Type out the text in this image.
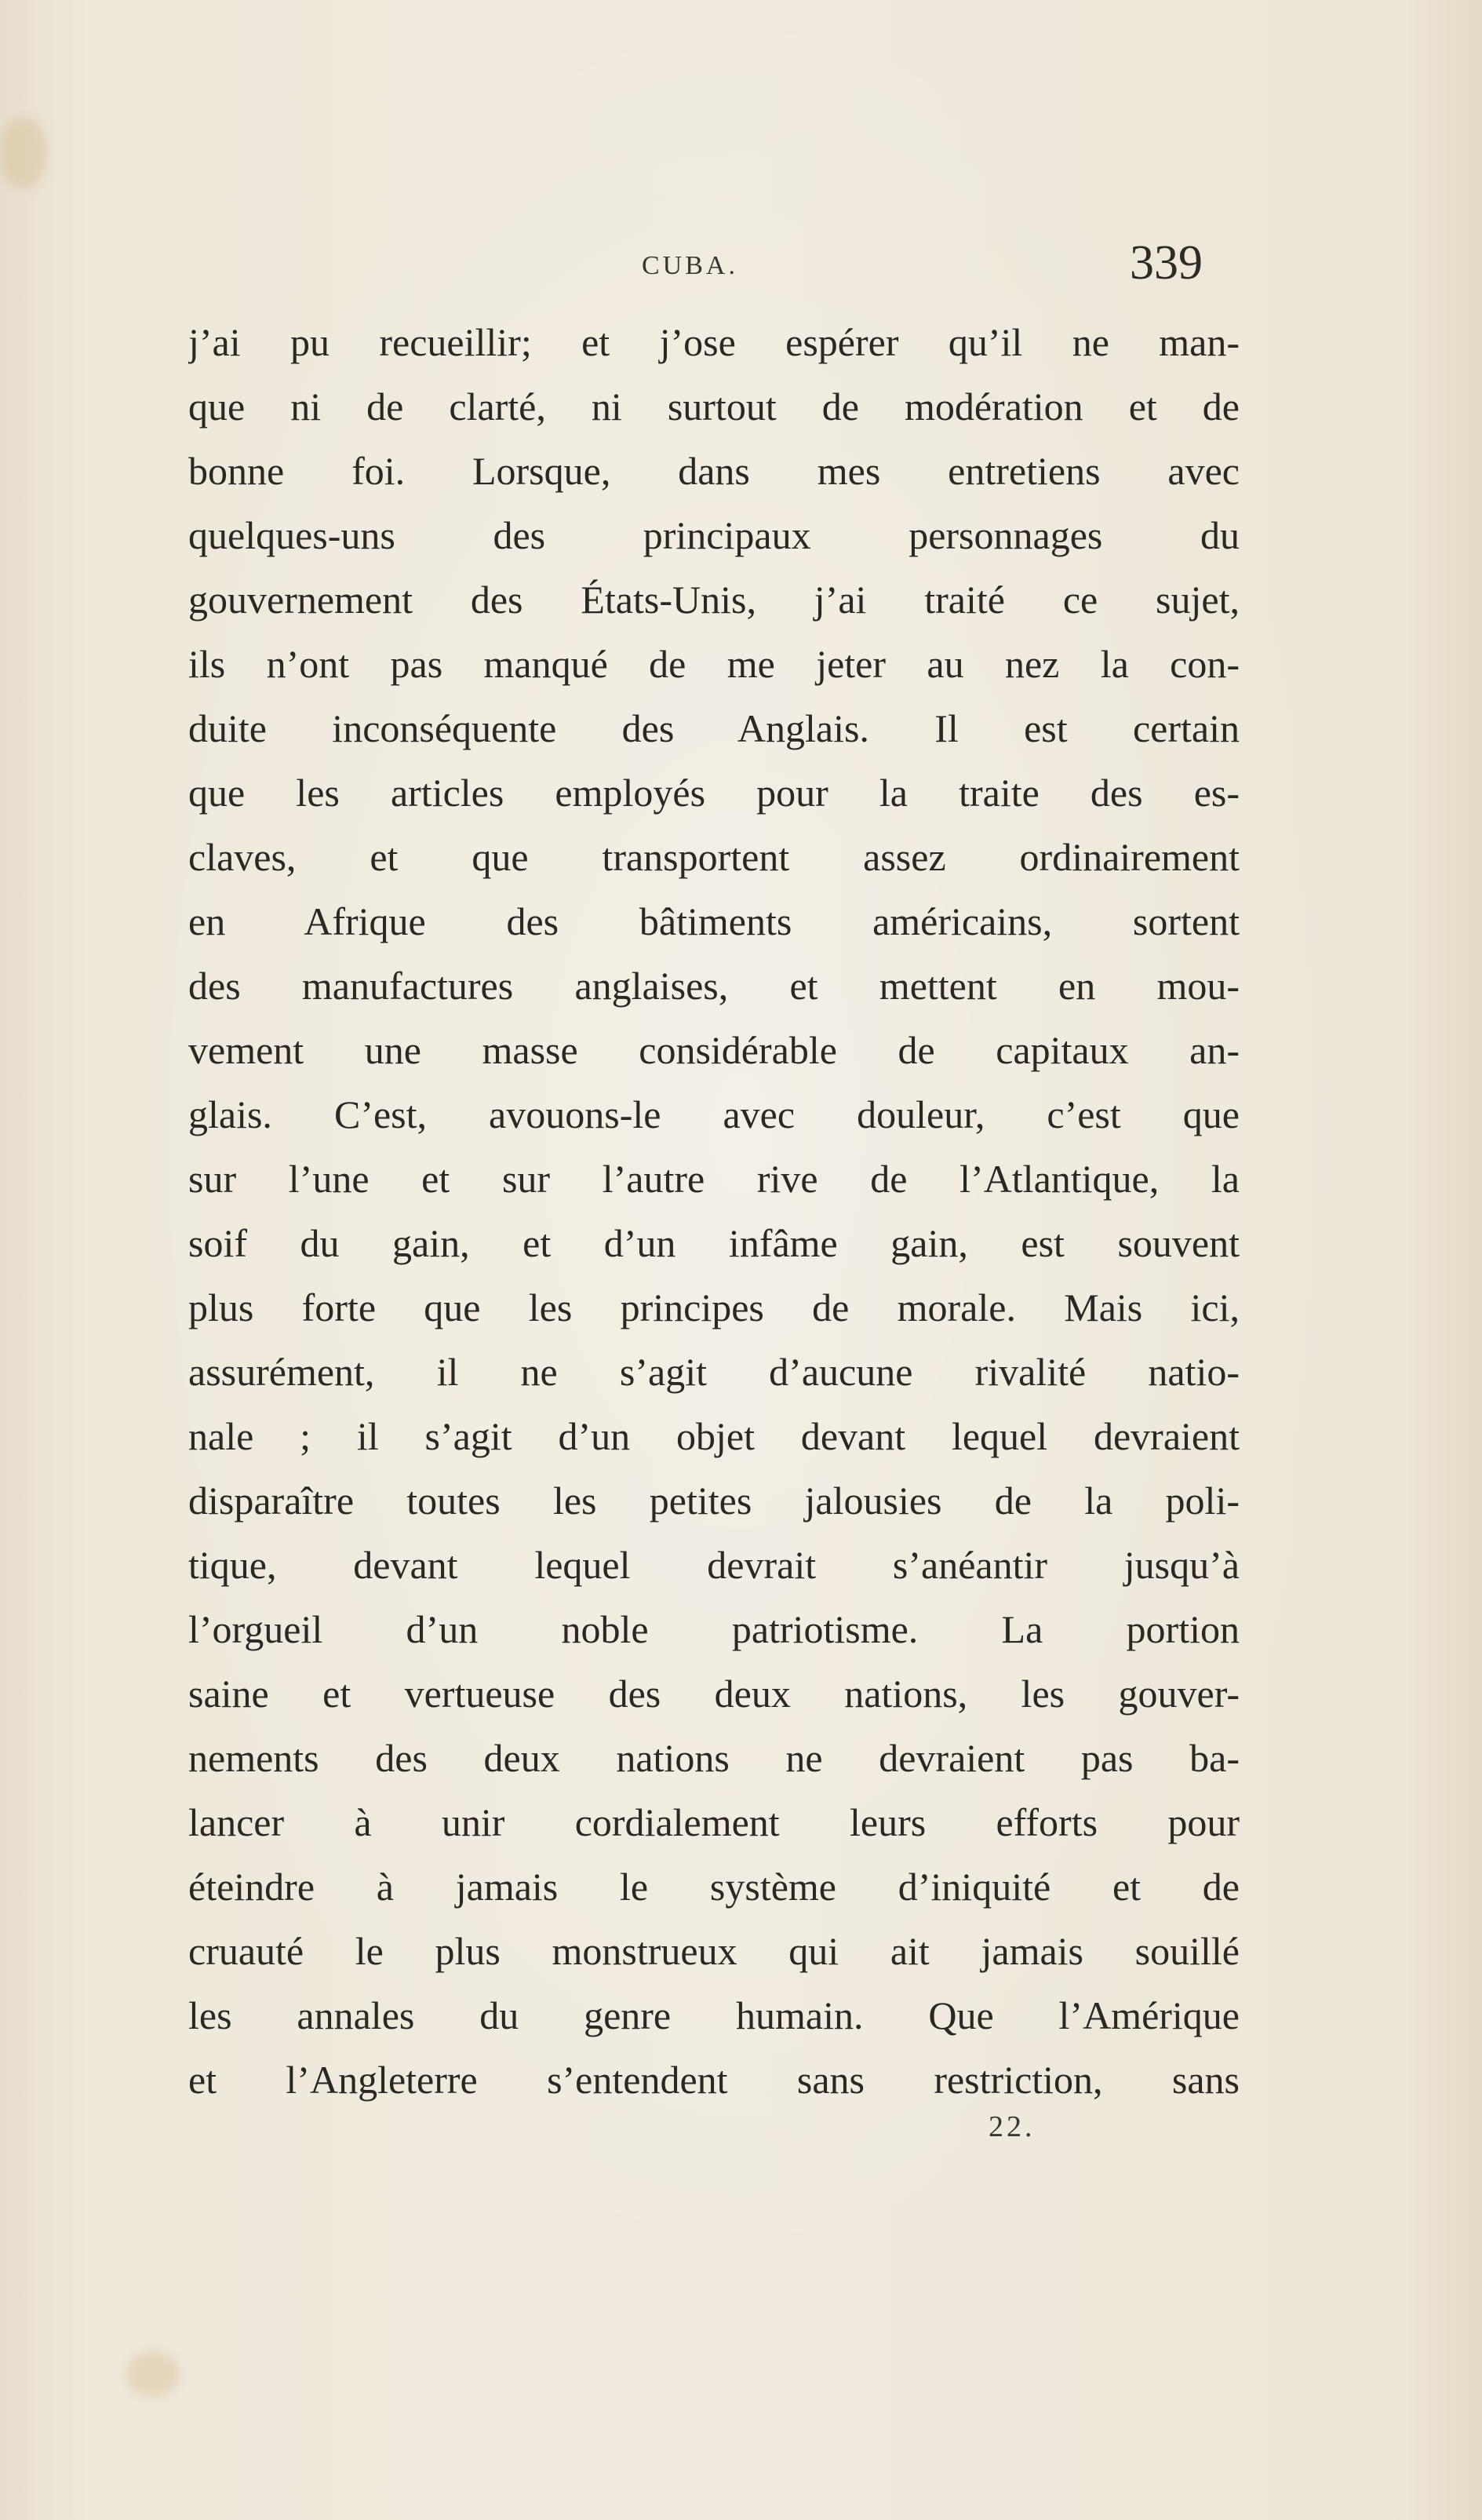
CUBA.	339
j’ai pu recueillir; et j’ose espérer qu’il ne man-
que ni de clarté, ni surtout de modération et de
bonne foi. Lorsque, dans mes entretiens avec
quelques-uns des principaux personnages du
gouvernement des États-Unis, j’ai traité ce sujet,
ils n’ont pas manqué de me jeter au nez la con-
duite inconséquente des Anglais. Il est certain
que les articles employés pour la traite des es-
claves, et que transportent assez ordinairement
en Afrique des bâtiments américains, sortent
des manufactures anglaises, et mettent en mou-
vement une masse considérable de capitaux an-
glais. C’est, avouons-le avec douleur, c’est que
sur l’une et sur l’autre rive de l’Atlantique, la
soif du gain, et d’un infâme gain, est souvent
plus forte que les principes de morale. Mais ici,
assurément, il ne s’agit d’aucune rivalité natio-
nale ; il s’agit d’un objet devant lequel devraient
disparaître toutes les petites jalousies de la poli-
tique, devant lequel devrait s’anéantir jusqu’à
l’orgueil d’un noble patriotisme. La portion
saine et vertueuse des deux nations, les gouver-
nements des deux nations ne devraient pas ba-
lancer à unir cordialement leurs efforts pour
éteindre à jamais le système d’iniquité et de
cruauté le plus monstrueux qui ait jamais souillé
les annales du genre humain. Que l’Amérique
et l’Angleterre s’entendent sans restriction, sans
22.
